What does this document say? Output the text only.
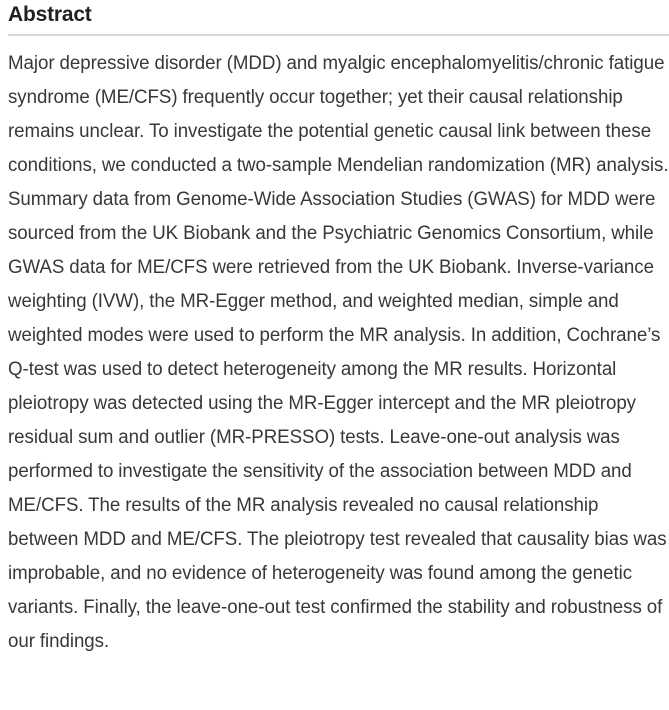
Abstract

Major depressive disorder (MDD) and myalgic encephalomyelitis/chronic fatigue syndrome (ME/CFS) frequently occur together; yet their causal relationship remains unclear. To investigate the potential genetic causal link between these conditions, we conducted a two-sample Mendelian randomization (MR) analysis. Summary data from Genome-Wide Association Studies (GWAS) for MDD were sourced from the UK Biobank and the Psychiatric Genomics Consortium, while GWAS data for ME/CFS were retrieved from the UK Biobank. Inverse-variance weighting (IVW), the MR-Egger method, and weighted median, simple and weighted modes were used to perform the MR analysis. In addition, Cochrane’s Q-test was used to detect heterogeneity among the MR results. Horizontal pleiotropy was detected using the MR-Egger intercept and the MR pleiotropy residual sum and outlier (MR-PRESSO) tests. Leave-one-out analysis was performed to investigate the sensitivity of the association between MDD and ME/CFS. The results of the MR analysis revealed no causal relationship between MDD and ME/CFS. The pleiotropy test revealed that causality bias was improbable, and no evidence of heterogeneity was found among the genetic variants. Finally, the leave-one-out test confirmed the stability and robustness of our findings.
